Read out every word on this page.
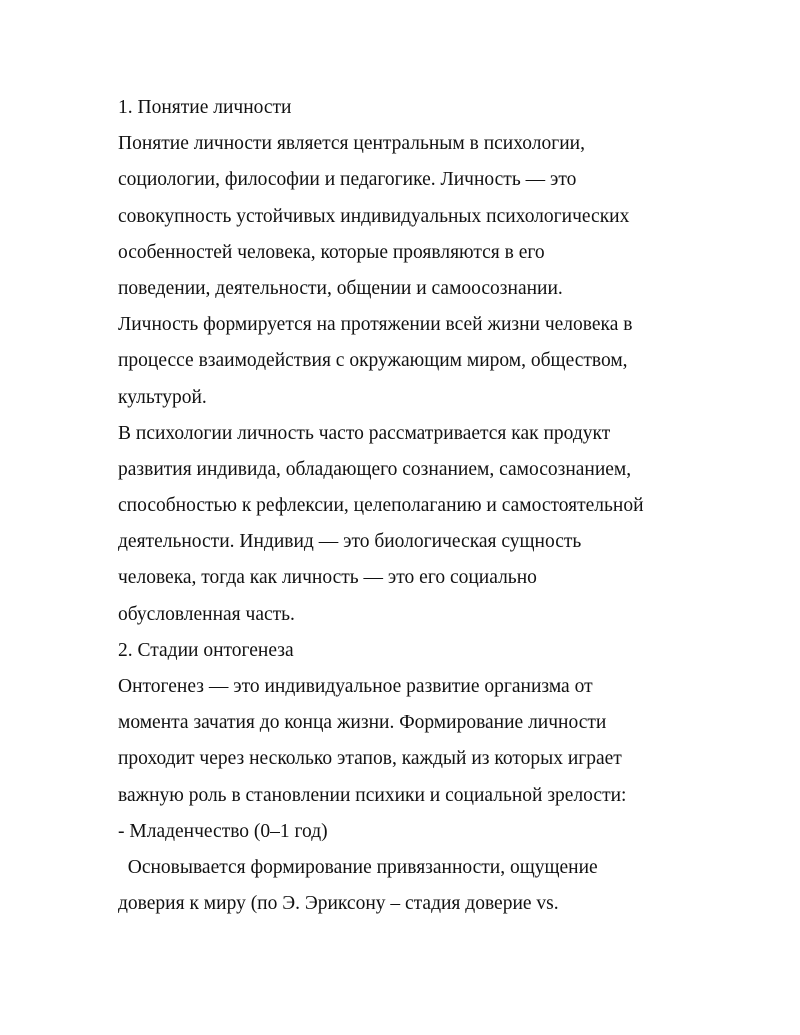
1. Понятие личности
Понятие личности является центральным в психологии,
социологии, философии и педагогике. Личность — это
совокупность устойчивых индивидуальных психологических
особенностей человека, которые проявляются в его
поведении, деятельности, общении и самоосознании.
Личность формируется на протяжении всей жизни человека в
процессе взаимодействия с окружающим миром, обществом,
культурой.
В психологии личность часто рассматривается как продукт
развития индивида, обладающего сознанием, самосознанием,
способностью к рефлексии, целеполаганию и самостоятельной
деятельности. Индивид — это биологическая сущность
человека, тогда как личность — это его социально
обусловленная часть.
2. Стадии онтогенеза
Онтогенез — это индивидуальное развитие организма от
момента зачатия до конца жизни. Формирование личности
проходит через несколько этапов, каждый из которых играет
важную роль в становлении психики и социальной зрелости:
- Младенчество (0–1 год)
Основывается формирование привязанности, ощущение
доверия к миру (по Э. Эриксону – стадия доверие vs.
